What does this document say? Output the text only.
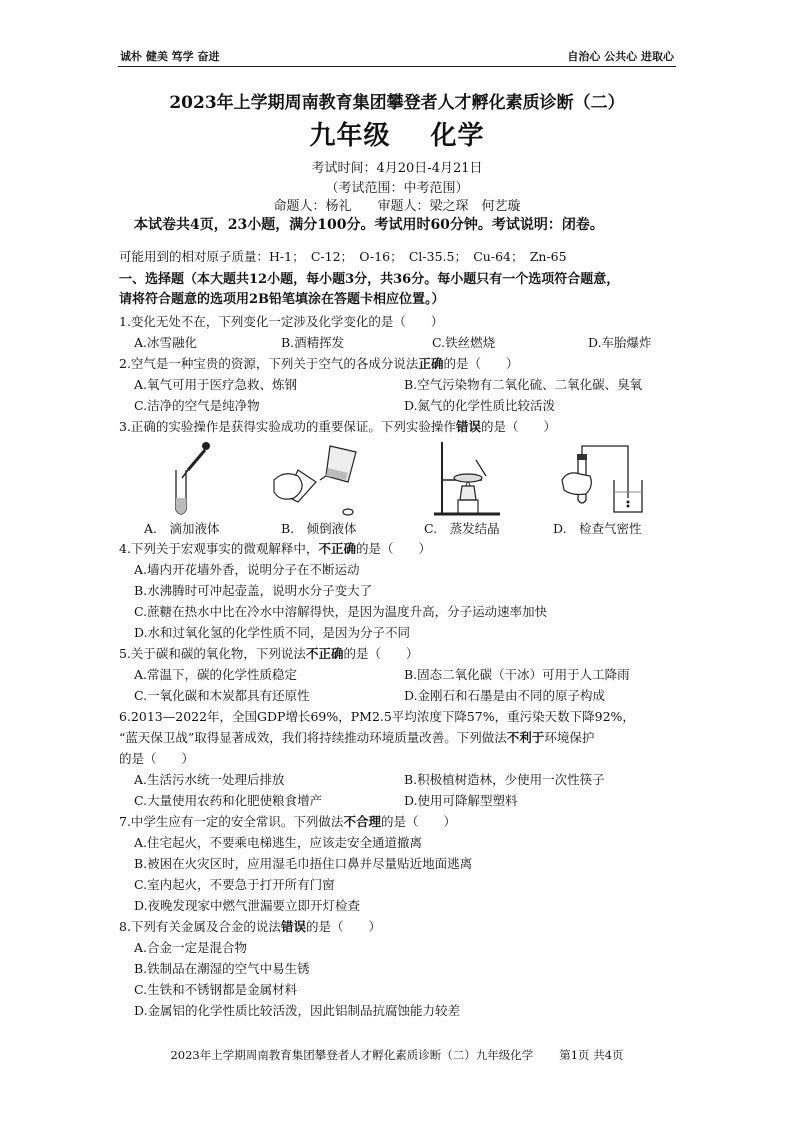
诚朴 健美 笃学 奋进	自治心 公共心 进取心
2023年上学期周南教育集团攀登者人才孵化素质诊断（二）
九年级 化学
考试时间：4月20日-4月21日
（考试范围：中考范围）
命题人：杨礼　　审题人：梁之琛　何艺璇
本试卷共4页，23小题，满分100分。考试用时60分钟。考试说明：闭卷。
可能用到的相对原子质量：H-1；　C-12；　O-16；　Cl-35.5；　Cu-64；　Zn-65
一、选择题（本大题共12小题，每小题3分，共36分。每小题只有一个选项符合题意，
请将符合题意的选项用2B铅笔填涂在答题卡相应位置。）
1.变化无处不在，下列变化一定涉及化学变化的是（　　）
A.冰雪融化	B.酒精挥发	C.铁丝燃烧	D.车胎爆炸
2.空气是一种宝贵的资源，下列关于空气的各成分说法正确的是（　　）
A.氧气可用于医疗急救、炼钢	B.空气污染物有二氧化硫、二氧化碳、臭氧
C.洁净的空气是纯净物	D.氮气的化学性质比较活泼
3.正确的实验操作是获得实验成功的重要保证。下列实验操作错误的是（　　）
A.　滴加液体	B.　倾倒液体	C.　蒸发结晶	D.　检查气密性
4.下列关于宏观事实的微观解释中，不正确的是（　　）
A.墙内开花墙外香，说明分子在不断运动
B.水沸腾时可冲起壶盖，说明水分子变大了
C.蔗糖在热水中比在冷水中溶解得快，是因为温度升高，分子运动速率加快
D.水和过氧化氢的化学性质不同，是因为分子不同
5.关于碳和碳的氧化物，下列说法不正确的是（　　）
A.常温下，碳的化学性质稳定	B.固态二氧化碳（干冰）可用于人工降雨
C.一氧化碳和木炭都具有还原性	D.金刚石和石墨是由不同的原子构成
6.2013—2022年，全国GDP增长69%，PM2.5平均浓度下降57%，重污染天数下降92%，
“蓝天保卫战”取得显著成效，我们将持续推动环境质量改善。下列做法不利于环境保护
的是（　　）
A.生活污水统一处理后排放	B.积极植树造林，少使用一次性筷子
C.大量使用农药和化肥使粮食增产	D.使用可降解型塑料
7.中学生应有一定的安全常识。下列做法不合理的是（　　）
A.住宅起火，不要乘电梯逃生，应该走安全通道撤离
B.被困在火灾区时，应用湿毛巾捂住口鼻并尽量贴近地面逃离
C.室内起火，不要急于打开所有门窗
D.夜晚发现家中燃气泄漏要立即开灯检查
8.下列有关金属及合金的说法错误的是（　　）
A.合金一定是混合物
B.铁制品在潮湿的空气中易生锈
C.生铁和不锈钢都是金属材料
D.金属铝的化学性质比较活泼，因此铝制品抗腐蚀能力较差
2023年上学期周南教育集团攀登者人才孵化素质诊断（二）九年级化学 第1页 共4页
